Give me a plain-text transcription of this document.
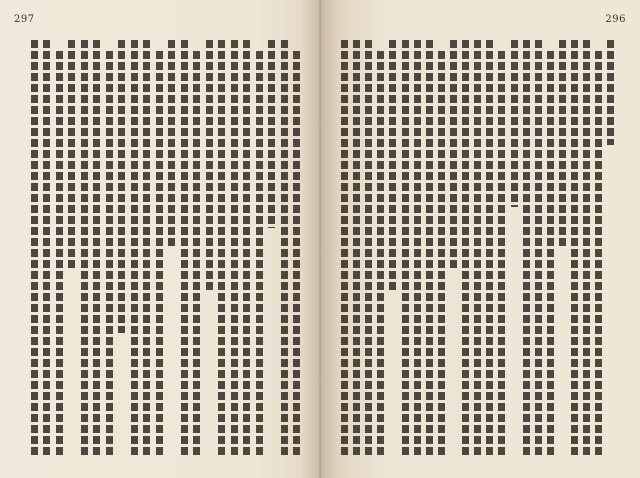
297	296
